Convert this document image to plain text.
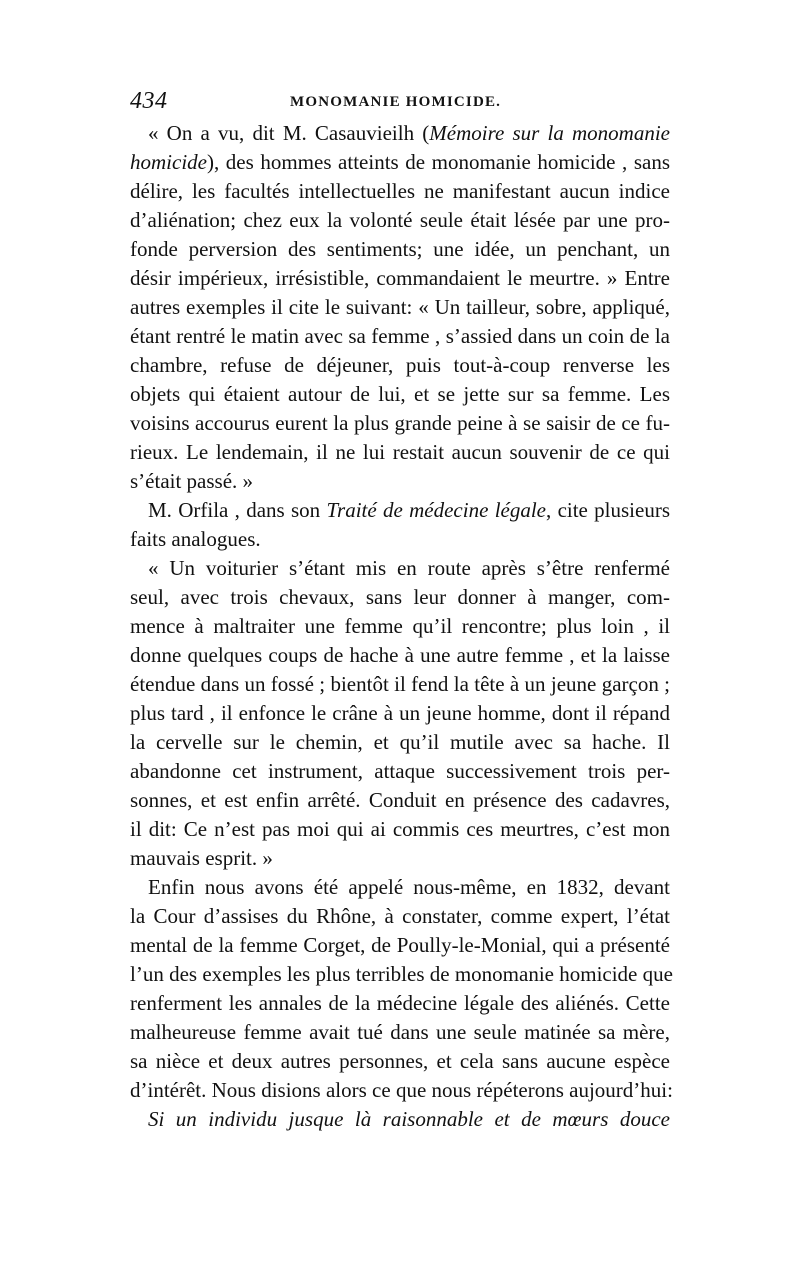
434	MONOMANIE HOMICIDE.
« On a vu, dit M. Casauvieilh (Mémoire sur la monomanie
homicide), des hommes atteints de monomanie homicide , sans
délire, les facultés intellectuelles ne manifestant aucun indice
d’aliénation; chez eux la volonté seule était lésée par une pro-
fonde perversion des sentiments; une idée, un penchant, un
désir impérieux, irrésistible, commandaient le meurtre. » Entre
autres exemples il cite le suivant: « Un tailleur, sobre, appliqué,
étant rentré le matin avec sa femme , s’assied dans un coin de la
chambre, refuse de déjeuner, puis tout-à-coup renverse les
objets qui étaient autour de lui, et se jette sur sa femme. Les
voisins accourus eurent la plus grande peine à se saisir de ce fu-
rieux. Le lendemain, il ne lui restait aucun souvenir de ce qui
s’était passé. »
M. Orfila , dans son Traité de médecine légale, cite plusieurs
faits analogues.
« Un voiturier s’étant mis en route après s’être renfermé
seul, avec trois chevaux, sans leur donner à manger, com-
mence à maltraiter une femme qu’il rencontre; plus loin , il
donne quelques coups de hache à une autre femme , et la laisse
étendue dans un fossé ; bientôt il fend la tête à un jeune garçon ;
plus tard , il enfonce le crâne à un jeune homme, dont il répand
la cervelle sur le chemin, et qu’il mutile avec sa hache. Il
abandonne cet instrument, attaque successivement trois per-
sonnes, et est enfin arrêté. Conduit en présence des cadavres,
il dit: Ce n’est pas moi qui ai commis ces meurtres, c’est mon
mauvais esprit. »
Enfin nous avons été appelé nous-même, en 1832, devant
la Cour d’assises du Rhône, à constater, comme expert, l’état
mental de la femme Corget, de Poully-le-Monial, qui a présenté
l’un des exemples les plus terribles de monomanie homicide que
renferment les annales de la médecine légale des aliénés. Cette
malheureuse femme avait tué dans une seule matinée sa mère,
sa nièce et deux autres personnes, et cela sans aucune espèce
d’intérêt. Nous disions alors ce que nous répéterons aujourd’hui:
Si un individu jusque là raisonnable et de mœurs douce
